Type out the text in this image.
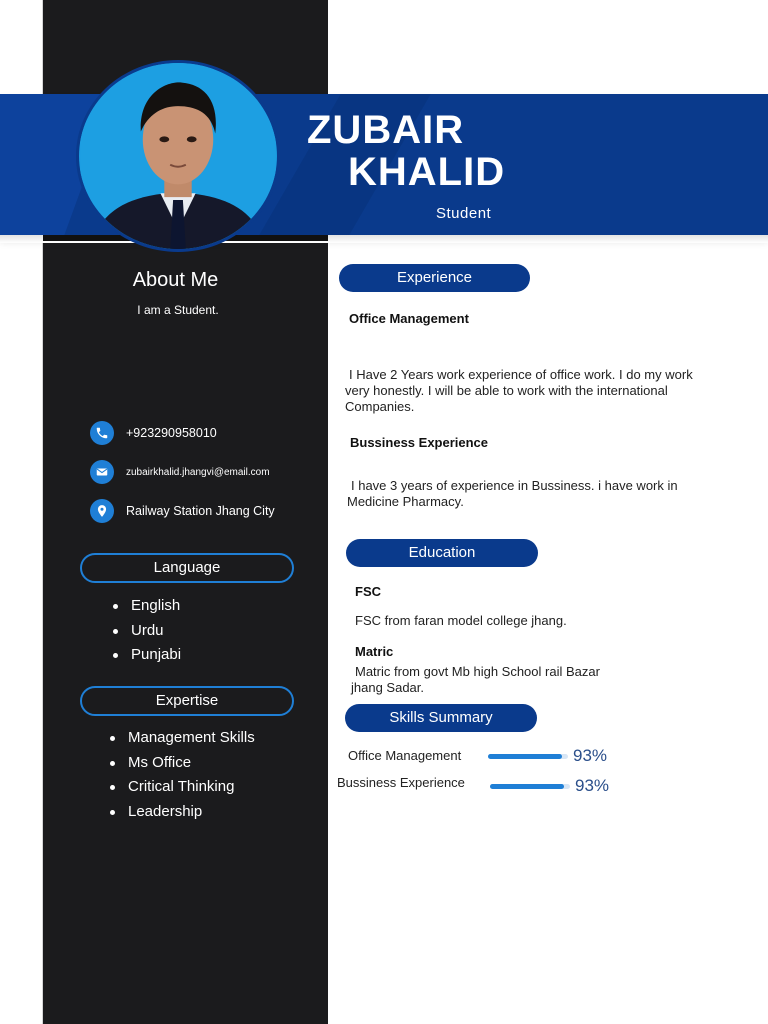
ZUBAIR
KHALID
Student
About Me
I am a Student.
+923290958010
zubairkhalid.jhangvi@email.com
Railway Station Jhang City
Language
English
Urdu
Punjabi
Expertise
Management Skills
Ms Office
Critical Thinking
Leadership
Experience
Office Management
I Have 2 Years work experience of office work. I do my work very honestly. I will be able to work with the international Companies.
Bussiness Experience
I have 3 years of experience in Bussiness. i have work in Medicine Pharmacy.
Education
FSC
FSC from faran model college jhang.
Matric
Matric from govt Mb high School rail Bazar jhang Sadar.
Skills Summary
Office Management	93%
Bussiness Experience	93%
